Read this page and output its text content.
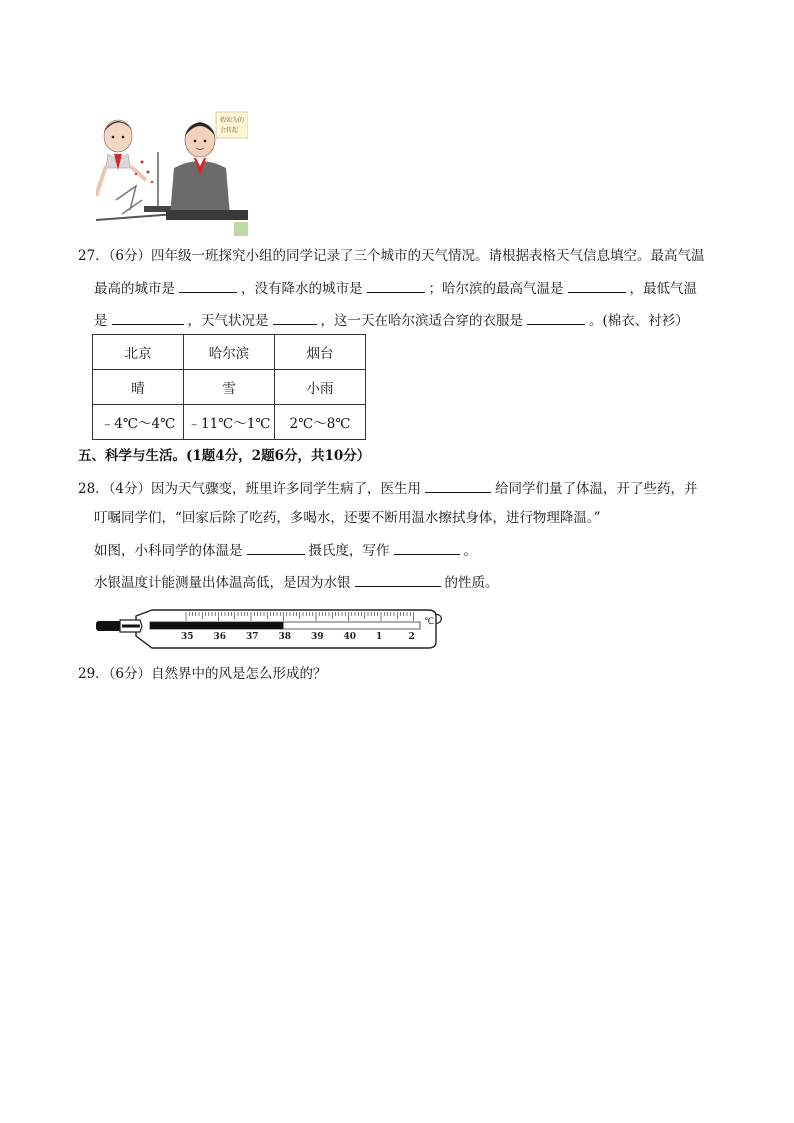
假如为的
会转起
27．（6分）四年级一班探究小组的同学记录了三个城市的天气情况。请根据表格天气信息填空。最高气温
最高的城市是	，没有降水的城市是	；哈尔滨的最高气温是	，最低气温
是	，天气状况是	，这一天在哈尔滨适合穿的衣服是	。(棉衣、衬衫）
北京	哈尔滨	烟台
晴	雪	小雨
﹣4℃～4℃	﹣11℃～1℃	2℃～8℃
五、科学与生活。(1题4分，2题6分，共10分）
28．（4分）因为天气骤变，班里许多同学生病了，医生用	给同学们量了体温，开了些药，并
叮嘱同学们，“回家后除了吃药，多喝水，还要不断用温水擦拭身体，进行物理降温。”
如图，小科同学的体温是	摄氏度，写作	。
水银温度计能测量出体温高低，是因为水银	的性质。
35 36 37 38 39 40 1	2
℃
29．（6分）自然界中的风是怎么形成的？
